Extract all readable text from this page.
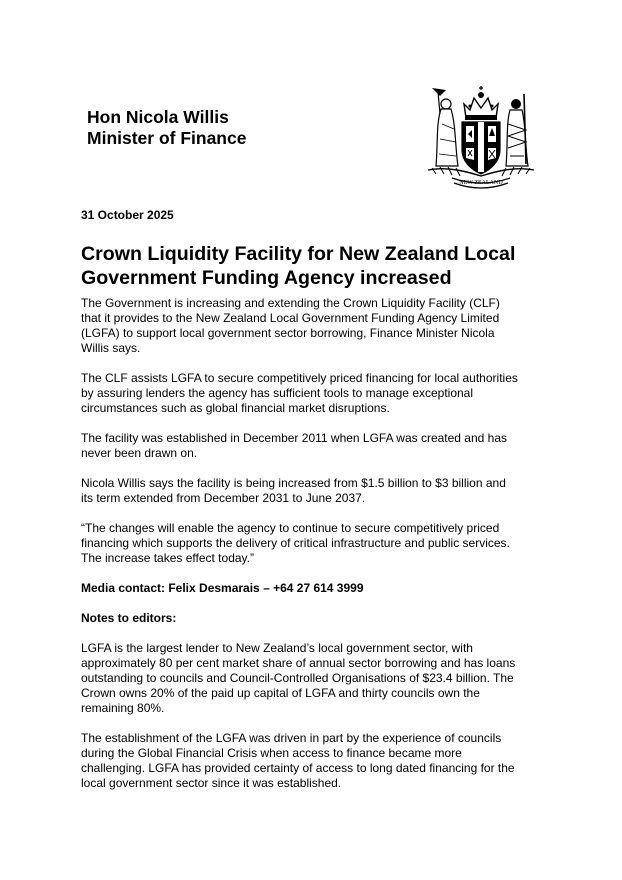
Hon Nicola Willis
Minister of Finance
NEW ZEALAND
31 October 2025
Crown Liquidity Facility for New Zealand Local
Government Funding Agency increased

The Government is increasing and extending the Crown Liquidity Facility (CLF)
that it provides to the New Zealand Local Government Funding Agency Limited
(LGFA) to support local government sector borrowing, Finance Minister Nicola
Willis says.

The CLF assists LGFA to secure competitively priced financing for local authorities
by assuring lenders the agency has sufficient tools to manage exceptional
circumstances such as global financial market disruptions.

The facility was established in December 2011 when LGFA was created and has
never been drawn on.

Nicola Willis says the facility is being increased from $1.5 billion to $3 billion and
its term extended from December 2031 to June 2037.

“The changes will enable the agency to continue to secure competitively priced
financing which supports the delivery of critical infrastructure and public services.
The increase takes effect today.”

Media contact: Felix Desmarais – +64 27 614 3999

Notes to editors:

LGFA is the largest lender to New Zealand’s local government sector, with
approximately 80 per cent market share of annual sector borrowing and has loans
outstanding to councils and Council-Controlled Organisations of $23.4 billion. The
Crown owns 20% of the paid up capital of LGFA and thirty councils own the
remaining 80%.

The establishment of the LGFA was driven in part by the experience of councils
during the Global Financial Crisis when access to finance became more
challenging. LGFA has provided certainty of access to long dated financing for the
local government sector since it was established.
